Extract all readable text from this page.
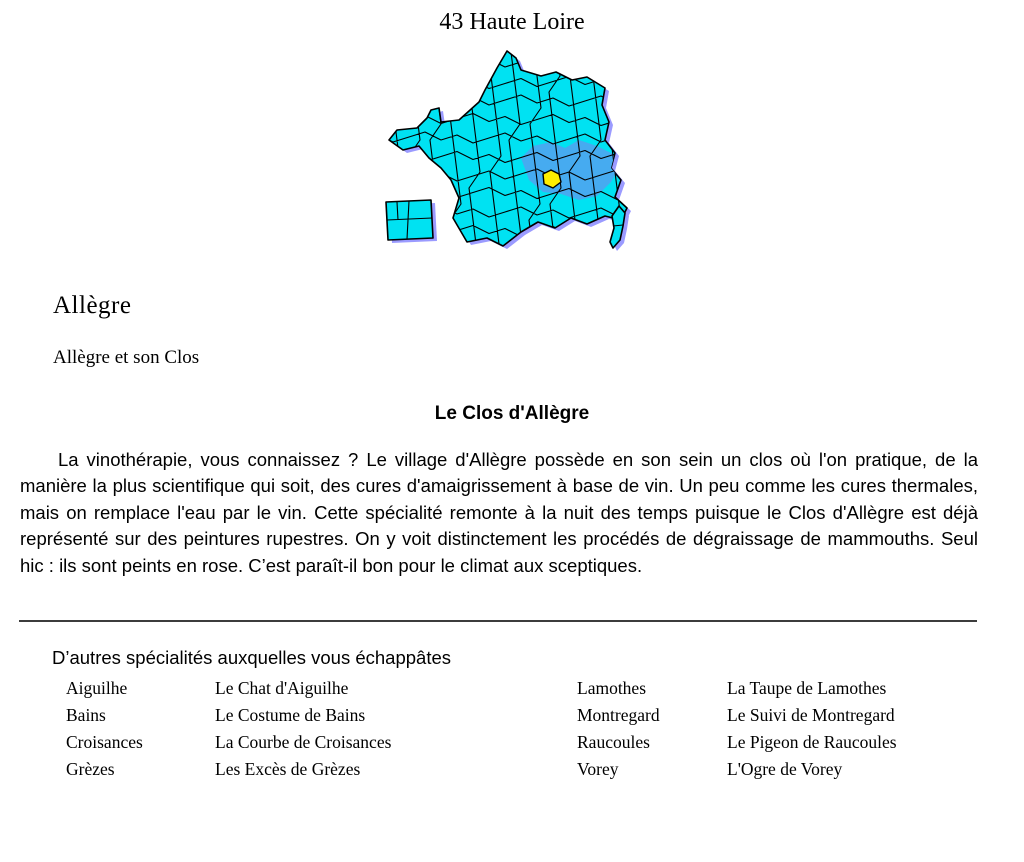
43 Haute Loire
Allègre
Allègre et son Clos
Le Clos d'Allègre
La vinothérapie, vous connaissez ? Le village d'Allègre possède en son sein un clos où l'on pratique, de la manière la plus scientifique qui soit, des cures d'amaigrissement à base de vin. Un peu comme les cures thermales, mais on remplace l'eau par le vin. Cette spécialité remonte à la nuit des temps puisque le Clos d'Allègre est déjà représenté sur des peintures rupestres. On y voit distinctement les procédés de dégraissage de mammouths. Seul hic : ils sont peints en rose. C’est paraît-il bon pour le climat aux sceptiques.
D’autres spécialités auxquelles vous échappâtes
Aiguilhe	Le Chat d'Aiguilhe	Lamothes	La Taupe de Lamothes
Bains	Le Costume de Bains	Montregard	Le Suivi de Montregard
Croisances	La Courbe de Croisances	Raucoules	Le Pigeon de Raucoules
Grèzes	Les Excès de Grèzes	Vorey	L'Ogre de Vorey
